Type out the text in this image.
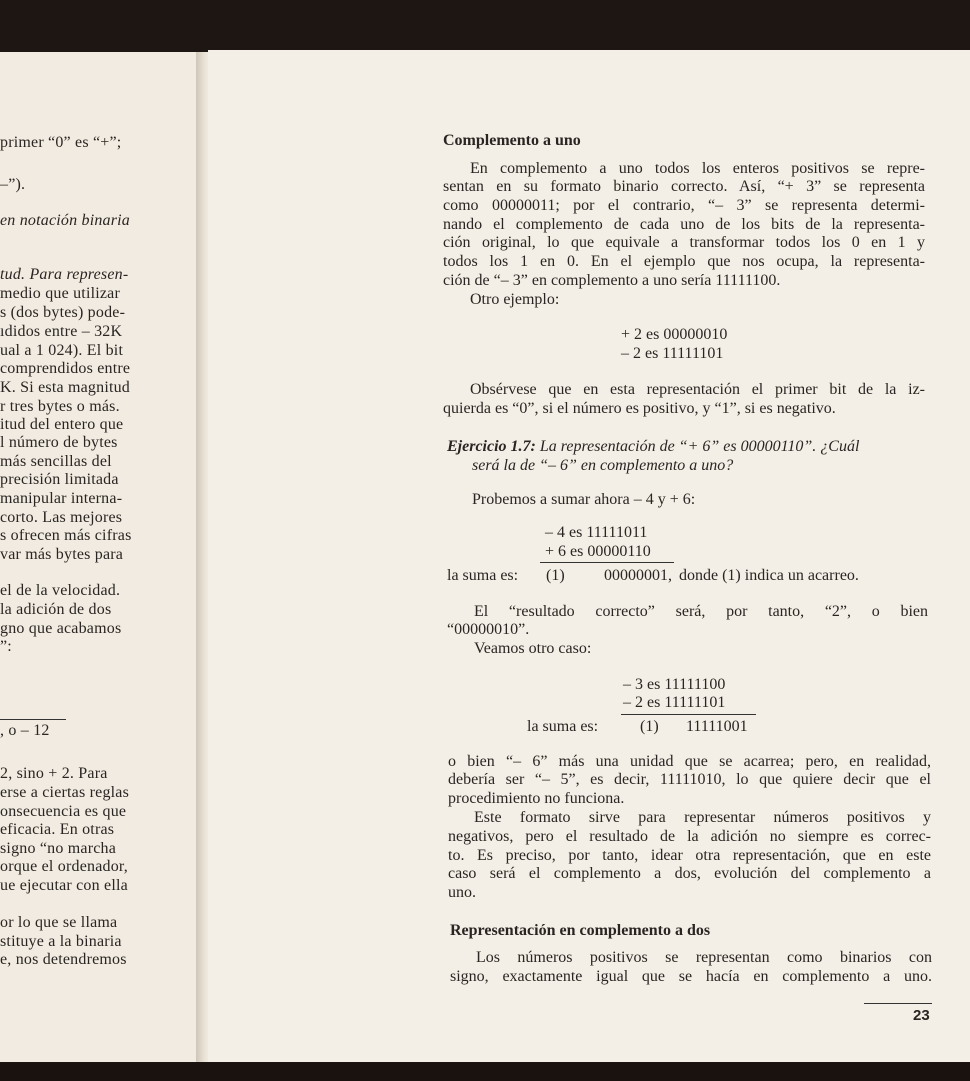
primer “0” es “+”;
–”).
en notación binaria
tud. Para represen-
medio que utilizar
s (dos bytes) pode-
ıdidos entre – 32K
ual a 1 024). El bit
comprendidos entre
K. Si esta magnitud
r tres bytes o más.
itud del entero que
l número de bytes
más sencillas del
precisión limitada
manipular interna-
corto. Las mejores
s ofrecen más cifras
var más bytes para
el de la velocidad.
la adición de dos
gno que acabamos
”:
, o – 12
2, sino + 2. Para
erse a ciertas reglas
onsecuencia es que
eficacia. En otras
signo “no marcha
orque el ordenador,
ue ejecutar con ella
or lo que se llama
stituye a la binaria
e, nos detendremos
Complemento a uno
En complemento a uno todos los enteros positivos se repre-
sentan en su formato binario correcto. Así, “+ 3” se representa
como 00000011; por el contrario, “– 3” se representa determi-
nando el complemento de cada uno de los bits de la representa-
ción original, lo que equivale a transformar todos los 0 en 1 y
todos los 1 en 0. En el ejemplo que nos ocupa, la representa-
ción de “– 3” en complemento a uno sería 11111100.
Otro ejemplo:
+ 2 es 00000010
– 2 es 11111101
Obsérvese que en esta representación el primer bit de la iz-
quierda es “0”, si el número es positivo, y “1”, si es negativo.
Ejercicio 1.7: La representación de “+ 6” es 00000110”. ¿Cuál
será la de “– 6” en complemento a uno?
Probemos a sumar ahora – 4 y + 6:
– 4 es 11111011
+ 6 es 00000110
la suma es: (1) 00000001, donde (1) indica un acarreo.
El “resultado correcto” será, por tanto, “2”, o bien
“00000010”.
Veamos otro caso:
– 3 es 11111100
– 2 es 11111101
la suma es:	(1) 11111001
o bien “– 6” más una unidad que se acarrea; pero, en realidad,
debería ser “– 5”, es decir, 11111010, lo que quiere decir que el
procedimiento no funciona.
Este formato sirve para representar números positivos y
negativos, pero el resultado de la adición no siempre es correc-
to. Es preciso, por tanto, idear otra representación, que en este
caso será el complemento a dos, evolución del complemento a
uno.
Representación en complemento a dos
Los números positivos se representan como binarios con
signo, exactamente igual que se hacía en complemento a uno.
23
